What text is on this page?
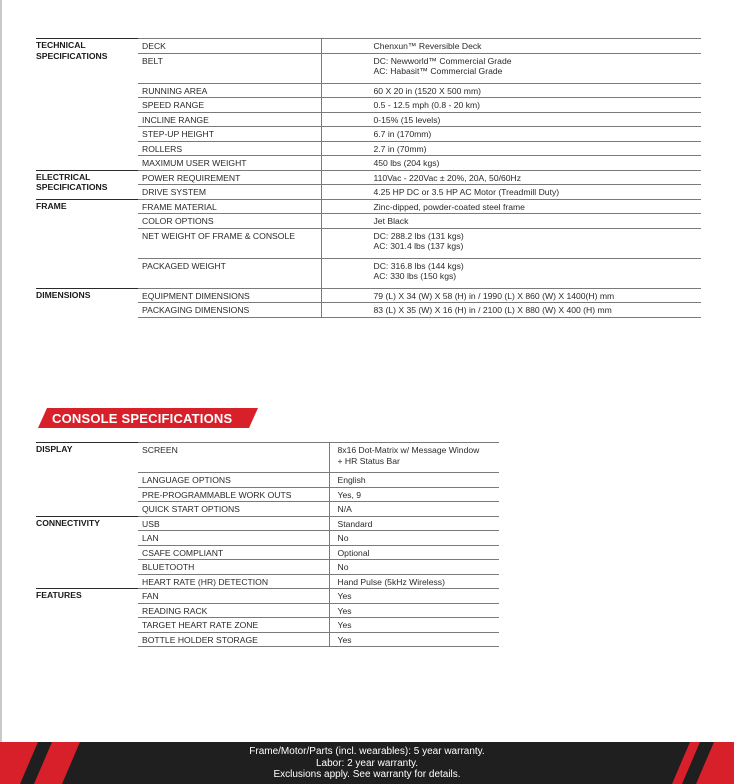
TECHNICAL SPECIFICATIONS	DECK	Chenxun™ Reversible Deck
	BELT	DC: Newworld™ Commercial Grade
AC: Habasit™ Commercial Grade
	RUNNING AREA	60 X 20 in (1520 X 500 mm)
	SPEED RANGE	0.5 - 12.5 mph (0.8 - 20 km)
	INCLINE RANGE	0-15% (15 levels)
	STEP-UP HEIGHT	6.7 in (170mm)
	ROLLERS	2.7 in (70mm)
	MAXIMUM USER WEIGHT	450 lbs (204 kgs)
ELECTRICAL SPECIFICATIONS	POWER REQUIREMENT	110Vac - 220Vac ± 20%, 20A, 50/60Hz
	DRIVE SYSTEM	4.25 HP DC or 3.5 HP AC Motor (Treadmill Duty)
FRAME	FRAME MATERIAL	Zinc-dipped, powder-coated steel frame
	COLOR OPTIONS	Jet Black
	NET WEIGHT OF FRAME & CONSOLE	DC: 288.2 lbs (131 kgs)
AC: 301.4 lbs (137 kgs)
	PACKAGED WEIGHT	DC: 316.8 lbs (144 kgs)
AC: 330 lbs (150 kgs)
DIMENSIONS	EQUIPMENT DIMENSIONS	79 (L) X 34 (W) X 58 (H) in / 1990 (L) X 860 (W) X 1400(H) mm
	PACKAGING DIMENSIONS	83 (L) X 35 (W) X 16 (H) in / 2100 (L) X 880 (W) X 400 (H) mm
CONSOLE SPECIFICATIONS
DISPLAY	SCREEN	8x16 Dot-Matrix w/ Message Window
+ HR Status Bar
	LANGUAGE OPTIONS	English
	PRE-PROGRAMMABLE WORK OUTS	Yes, 9
	QUICK START OPTIONS	N/A
CONNECTIVITY	USB	Standard
	LAN	No
	CSAFE COMPLIANT	Optional
	BLUETOOTH	No
	HEART RATE (HR) DETECTION	Hand Pulse (5kHz Wireless)
FEATURES	FAN	Yes
	READING RACK	Yes
	TARGET HEART RATE ZONE	Yes
	BOTTLE HOLDER STORAGE	Yes
Frame/Motor/Parts (incl. wearables): 5 year warranty.
Labor: 2 year warranty.
Exclusions apply. See warranty for details.
